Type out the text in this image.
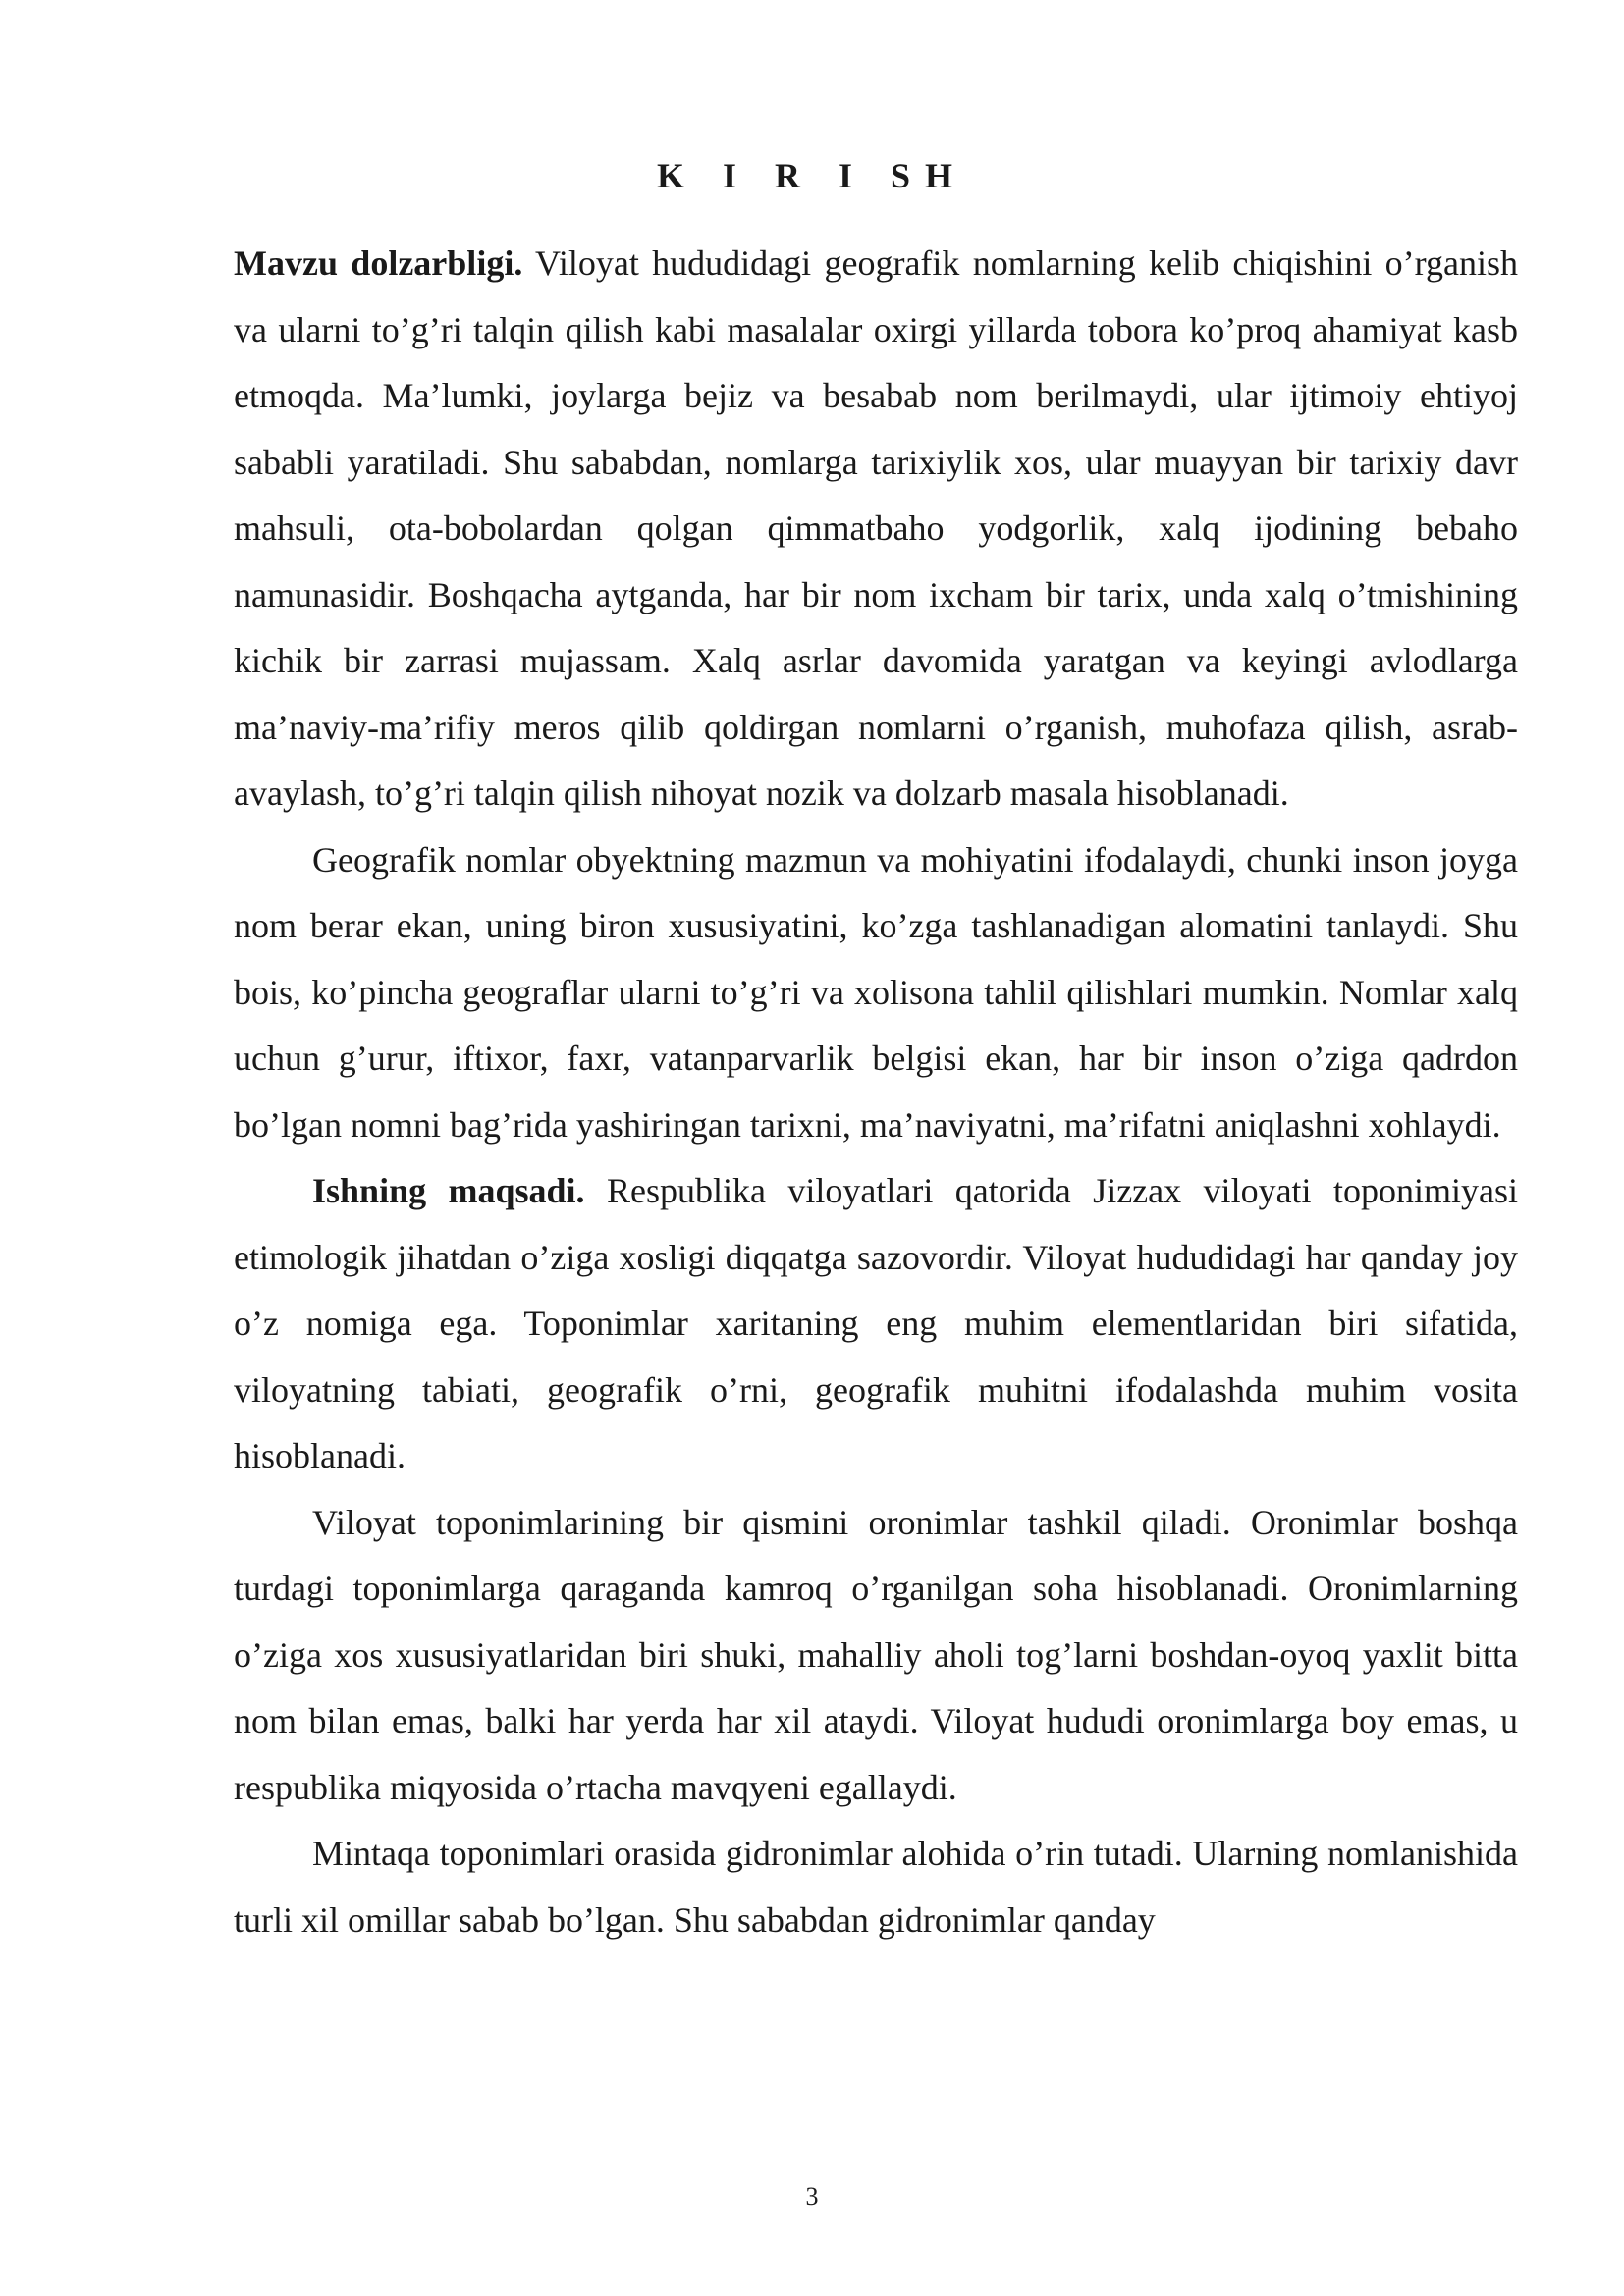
K I R I SH

Mavzu dolzarbligi. Viloyat hududidagi geografik nomlarning kelib chiqishini o’rganish va ularni to’g’ri talqin qilish kabi masalalar oxirgi yillarda tobora ko’proq ahamiyat kasb etmoqda. Ma’lumki, joylarga bejiz va besabab nom berilmaydi, ular ijtimoiy ehtiyoj sababli yaratiladi. Shu sababdan, nomlarga tarixiylik xos, ular muayyan bir tarixiy davr mahsuli, ota-bobolardan qolgan qimmatbaho yodgorlik, xalq ijodining bebaho namunasidir. Boshqacha aytganda, har bir nom ixcham bir tarix, unda xalq o’tmishining kichik bir zarrasi mujassam. Xalq asrlar davomida yaratgan va keyingi avlodlarga ma’naviy-ma’rifiy meros qilib qoldirgan nomlarni o’rganish, muhofaza qilish, asrab-avaylash, to’g’ri talqin qilish nihoyat nozik va dolzarb masala hisoblanadi.

Geografik nomlar obyektning mazmun va mohiyatini ifodalaydi, chunki inson joyga nom berar ekan, uning biron xususiyatini, ko’zga tashlanadigan alomatini tanlaydi. Shu bois, ko’pincha geograflar ularni to’g’ri va xolisona tahlil qilishlari mumkin. Nomlar xalq uchun g’urur, iftixor, faxr, vatanparvarlik belgisi ekan, har bir inson o’ziga qadrdon bo’lgan nomni bag’rida yashiringan tarixni, ma’naviyatni, ma’rifatni aniqlashni xohlaydi.

Ishning maqsadi. Respublika viloyatlari qatorida Jizzax viloyati toponimiyasi etimologik jihatdan o’ziga xosligi diqqatga sazovordir. Viloyat hududidagi har qanday joy o’z nomiga ega. Toponimlar xaritaning eng muhim elementlaridan biri sifatida, viloyatning tabiati, geografik o’rni, geografik muhitni ifodalashda muhim vosita hisoblanadi.

Viloyat toponimlarining bir qismini oronimlar tashkil qiladi. Oronimlar boshqa turdagi toponimlarga qaraganda kamroq o’rganilgan soha hisoblanadi. Oronimlarning o’ziga xos xususiyatlaridan biri shuki, mahalliy aholi tog’larni boshdan-oyoq yaxlit bitta nom bilan emas, balki har yerda har xil ataydi. Viloyat hududi oronimlarga boy emas, u respublika miqyosida o’rtacha mavqyeni egallaydi.

Mintaqa toponimlari orasida gidronimlar alohida o’rin tutadi. Ularning nomlanishida turli xil omillar sabab bo’lgan. Shu sababdan gidronimlar qanday

3
